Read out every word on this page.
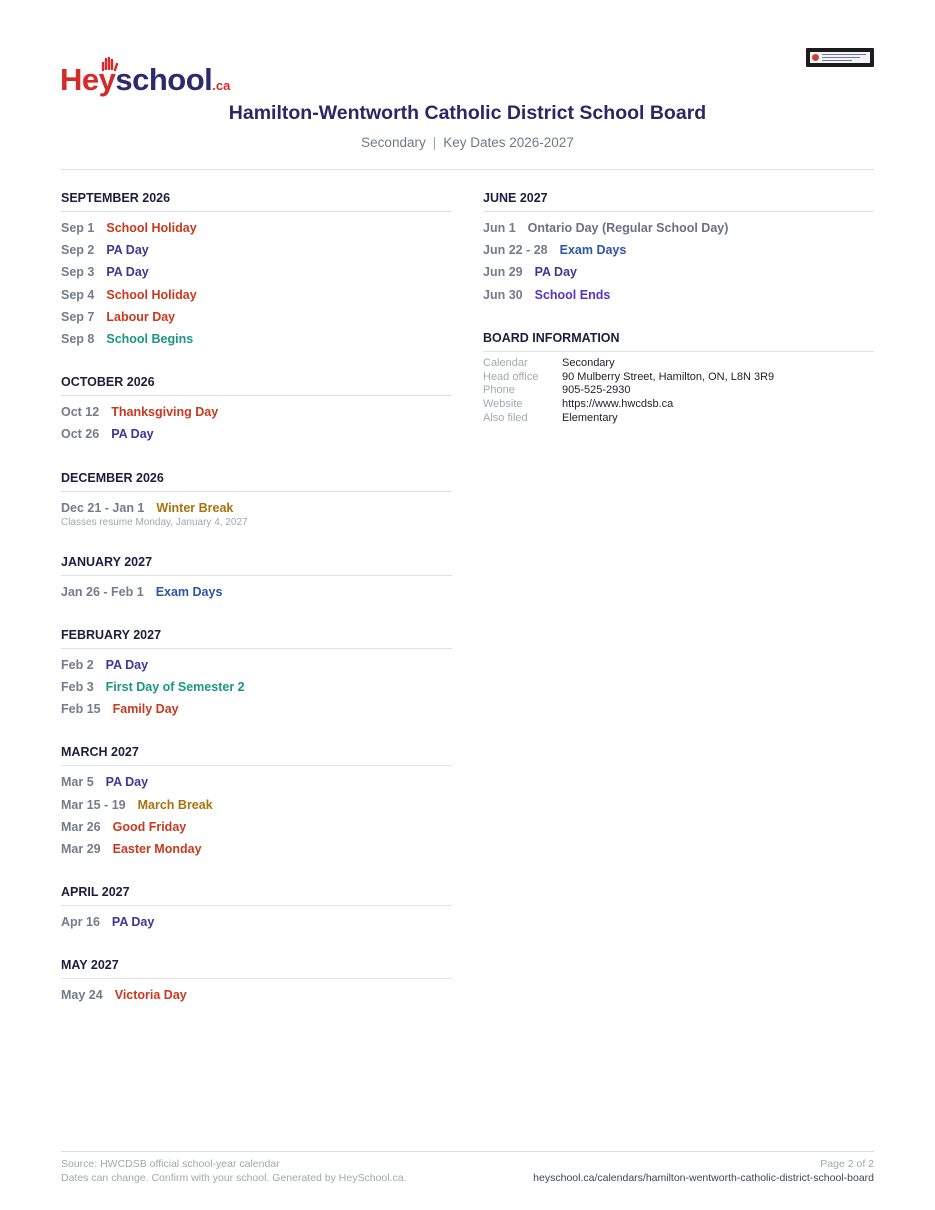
Heyschool.ca
Hamilton-Wentworth Catholic District School Board
Secondary | Key Dates 2026-2027
SEPTEMBER 2026
Sep 1 School Holiday
Sep 2 PA Day
Sep 3 PA Day
Sep 4 School Holiday
Sep 7 Labour Day
Sep 8 School Begins
OCTOBER 2026
Oct 12 Thanksgiving Day
Oct 26 PA Day
DECEMBER 2026
Dec 21 - Jan 1 Winter Break
Classes resume Monday, January 4, 2027
JANUARY 2027
Jan 26 - Feb 1 Exam Days
FEBRUARY 2027
Feb 2 PA Day
Feb 3 First Day of Semester 2
Feb 15 Family Day
MARCH 2027
Mar 5 PA Day
Mar 15 - 19 March Break
Mar 26 Good Friday
Mar 29 Easter Monday
APRIL 2027
Apr 16 PA Day
MAY 2027
May 24 Victoria Day
JUNE 2027
Jun 1 Ontario Day (Regular School Day)
Jun 22 - 28 Exam Days
Jun 29 PA Day
Jun 30 School Ends
BOARD INFORMATION
Calendar	Secondary
Head office	90 Mulberry Street, Hamilton, ON, L8N 3R9
Phone	905-525-2930
Website	https://www.hwcdsb.ca
Also filed	Elementary
Source: HWCDSB official school-year calendar
Dates can change. Confirm with your school. Generated by HeySchool.ca.
Page 2 of 2
heyschool.ca/calendars/hamilton-wentworth-catholic-district-school-board
